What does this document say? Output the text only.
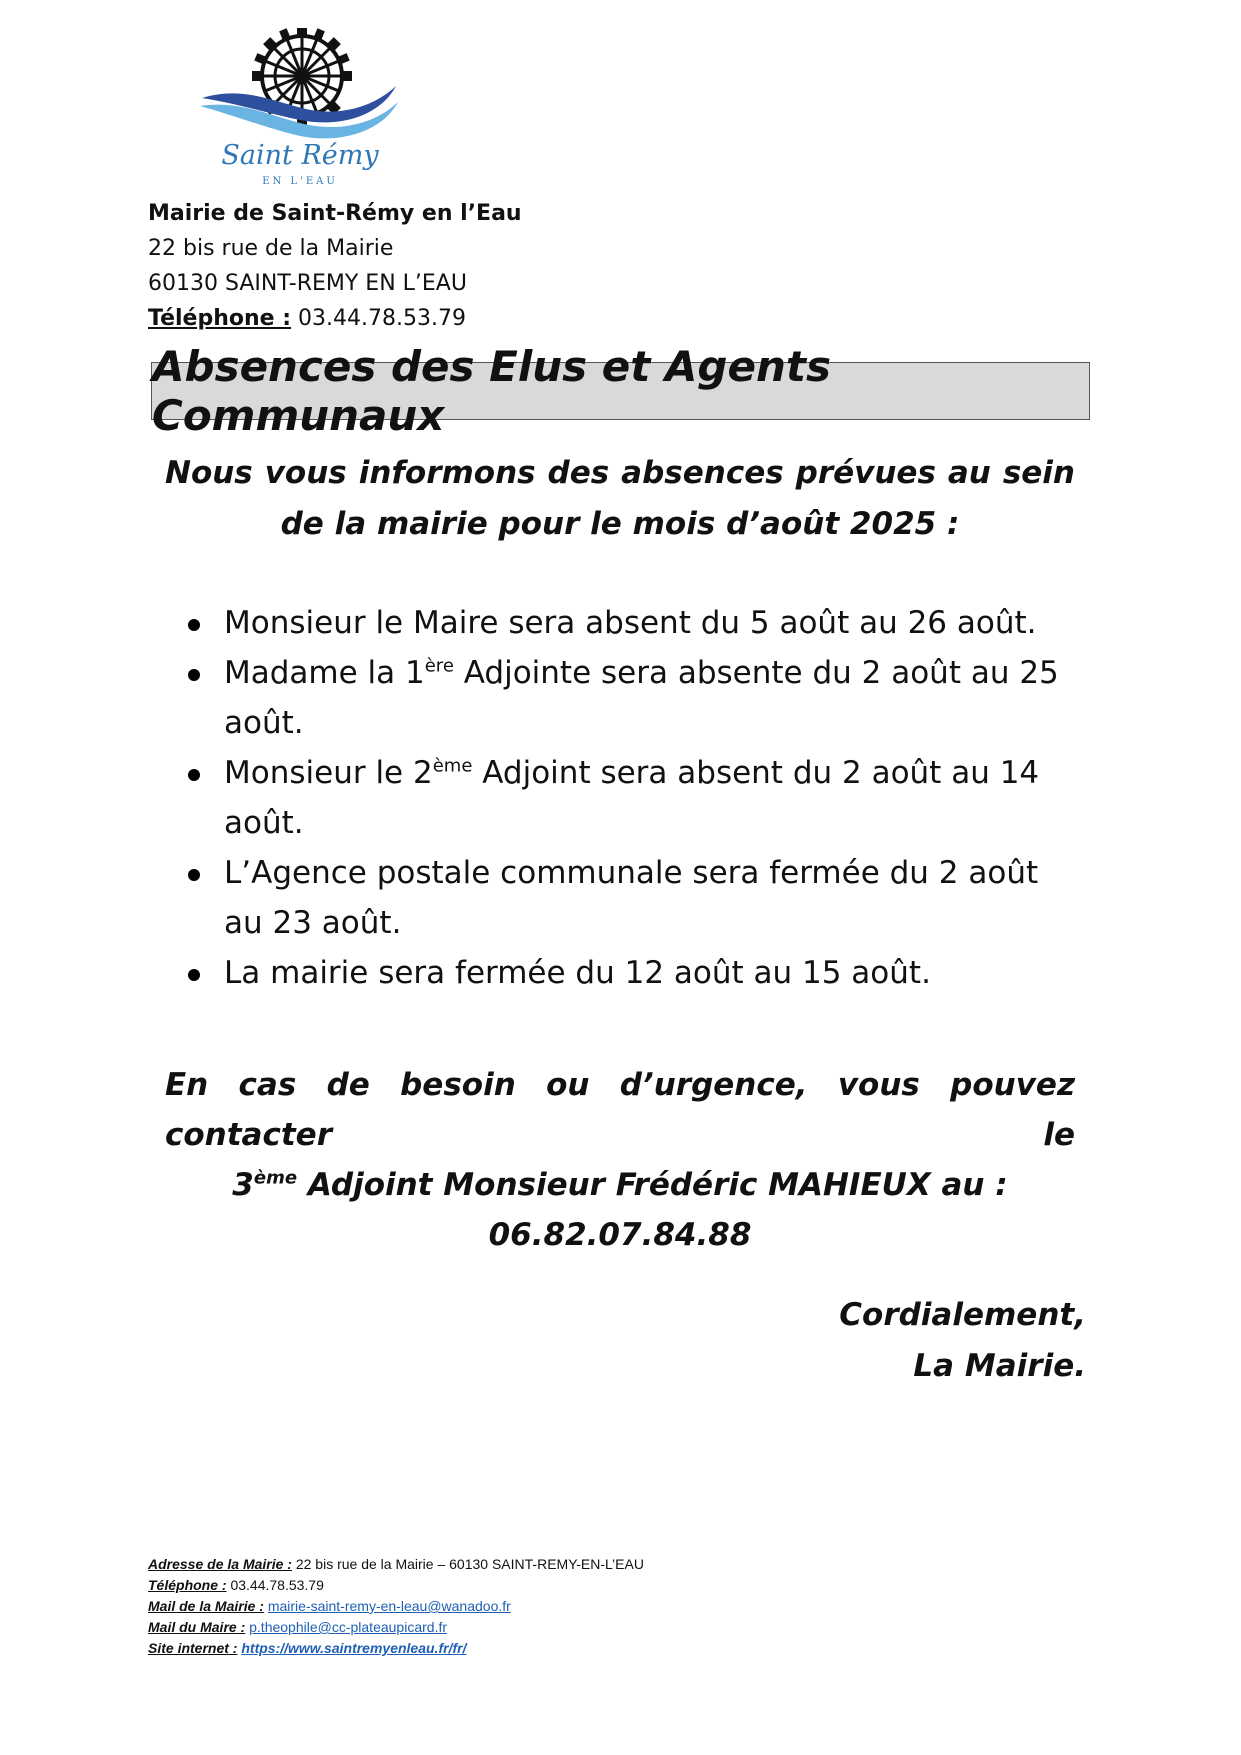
Saint Rémy
EN L'EAU
Mairie de Saint-Rémy en l’Eau
22 bis rue de la Mairie
60130 SAINT-REMY EN L’EAU
Téléphone : 03.44.78.53.79
Absences des Elus et Agents Communaux
Nous vous informons des absences prévues au sein de la mairie pour le mois d’août 2025 :
Monsieur le Maire sera absent du 5 août au 26 août.
Madame la 1ère Adjointe sera absente du 2 août au 25 août.
Monsieur le 2ème Adjoint sera absent du 2 août au 14 août.
L’Agence postale communale sera fermée du 2 août au 23 août.
La mairie sera fermée du 12 août au 15 août.
En cas de besoin ou d’urgence, vous pouvez contacter le
3ème Adjoint Monsieur Frédéric MAHIEUX au :
06.82.07.84.88
Cordialement,
La Mairie.
Adresse de la Mairie : 22 bis rue de la Mairie – 60130 SAINT-REMY-EN-L’EAU
Téléphone : 03.44.78.53.79
Mail de la Mairie : mairie-saint-remy-en-leau@wanadoo.fr
Mail du Maire : p.theophile@cc-plateaupicard.fr
Site internet : https://www.saintremyenleau.fr/fr/
